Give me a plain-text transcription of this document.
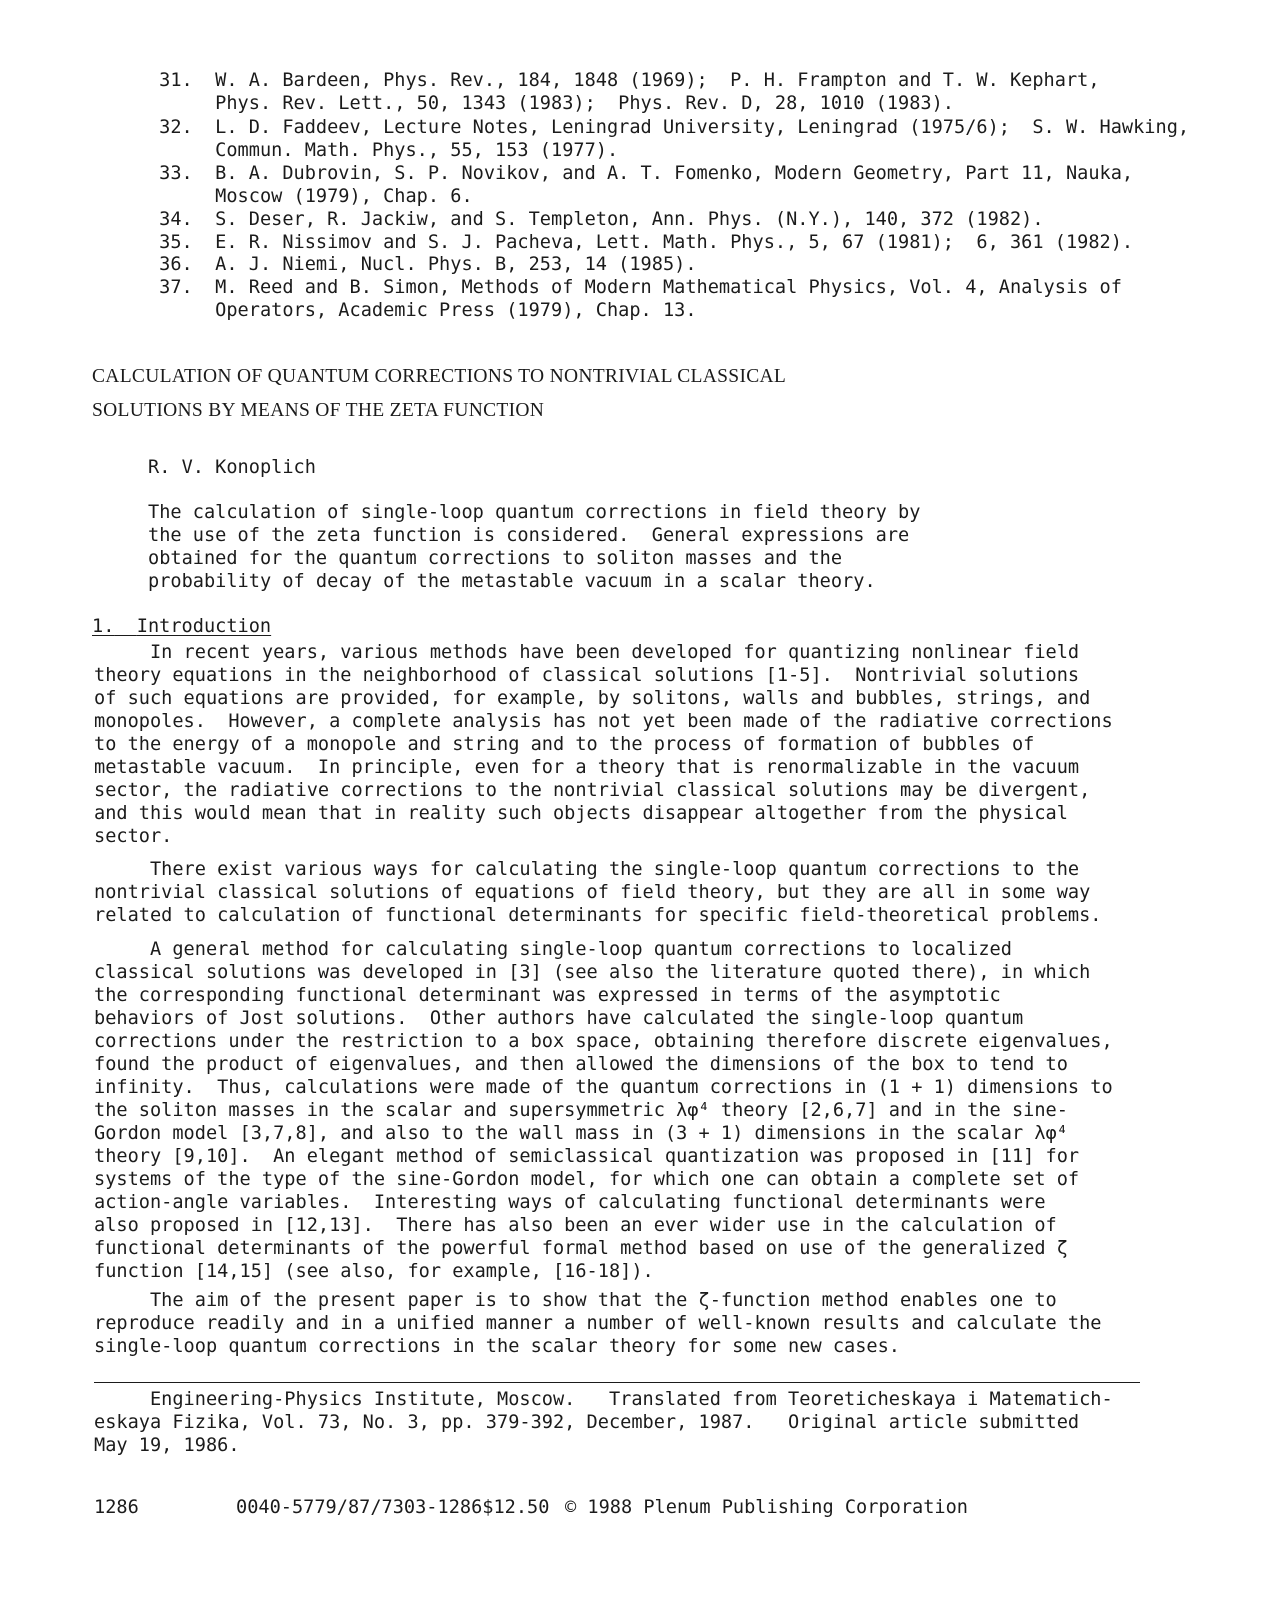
31. W. A. Bardeen, Phys. Rev., 184, 1848 (1969);  P. H. Frampton and T. W. Kephart,
Phys. Rev. Lett., 50, 1343 (1983);  Phys. Rev. D, 28, 1010 (1983).

32. L. D. Faddeev, Lecture Notes, Leningrad University, Leningrad (1975/6);  S. W. Hawking,
Commun. Math. Phys., 55, 153 (1977).

33. B. A. Dubrovin, S. P. Novikov, and A. T. Fomenko, Modern Geometry, Part 11, Nauka,
Moscow (1979), Chap. 6.

34. S. Deser, R. Jackiw, and S. Templeton, Ann. Phys. (N.Y.), 140, 372 (1982).

35. E. R. Nissimov and S. J. Pacheva, Lett. Math. Phys., 5, 67 (1981);  6, 361 (1982).

36. A. J. Niemi, Nucl. Phys. B, 253, 14 (1985).

37. M. Reed and B. Simon, Methods of Modern Mathematical Physics, Vol. 4, Analysis of
Operators, Academic Press (1979), Chap. 13.

CALCULATION OF QUANTUM CORRECTIONS TO NONTRIVIAL CLASSICAL
SOLUTIONS BY MEANS OF THE ZETA FUNCTION
R. V. Konoplich
The calculation of single-loop quantum corrections in field theory by
the use of the zeta function is considered.  General expressions are
obtained for the quantum corrections to soliton masses and the
probability of decay of the metastable vacuum in a scalar theory.
1. Introduction
In recent years, various methods have been developed for quantizing nonlinear field
theory equations in the neighborhood of classical solutions [1-5].  Nontrivial solutions
of such equations are provided, for example, by solitons, walls and bubbles, strings, and
monopoles.  However, a complete analysis has not yet been made of the radiative corrections
to the energy of a monopole and string and to the process of formation of bubbles of
metastable vacuum.  In principle, even for a theory that is renormalizable in the vacuum
sector, the radiative corrections to the nontrivial classical solutions may be divergent,
and this would mean that in reality such objects disappear altogether from the physical
sector.
There exist various ways for calculating the single-loop quantum corrections to the
nontrivial classical solutions of equations of field theory, but they are all in some way
related to calculation of functional determinants for specific field-theoretical problems.
A general method for calculating single-loop quantum corrections to localized
classical solutions was developed in [3] (see also the literature quoted there), in which
the corresponding functional determinant was expressed in terms of the asymptotic
behaviors of Jost solutions.  Other authors have calculated the single-loop quantum
corrections under the restriction to a box space, obtaining therefore discrete eigenvalues,
found the product of eigenvalues, and then allowed the dimensions of the box to tend to
infinity.  Thus, calculations were made of the quantum corrections in (1 + 1) dimensions to
the soliton masses in the scalar and supersymmetric λφ⁴ theory [2,6,7] and in the sine-
Gordon model [3,7,8], and also to the wall mass in (3 + 1) dimensions in the scalar λφ⁴
theory [9,10].  An elegant method of semiclassical quantization was proposed in [11] for
systems of the type of the sine-Gordon model, for which one can obtain a complete set of
action-angle variables.  Interesting ways of calculating functional determinants were
also proposed in [12,13].  There has also been an ever wider use in the calculation of
functional determinants of the powerful formal method based on use of the generalized ζ
function [14,15] (see also, for example, [16-18]).
The aim of the present paper is to show that the ζ-function method enables one to
reproduce readily and in a unified manner a number of well-known results and calculate the
single-loop quantum corrections in the scalar theory for some new cases.
Engineering-Physics Institute, Moscow.   Translated from Teoreticheskaya i Matematich-
eskaya Fizika, Vol. 73, No. 3, pp. 379-392, December, 1987.   Original article submitted
May 19, 1986.
1286	0040-5779/87/7303-1286$12.50 © 1988 Plenum Publishing Corporation
